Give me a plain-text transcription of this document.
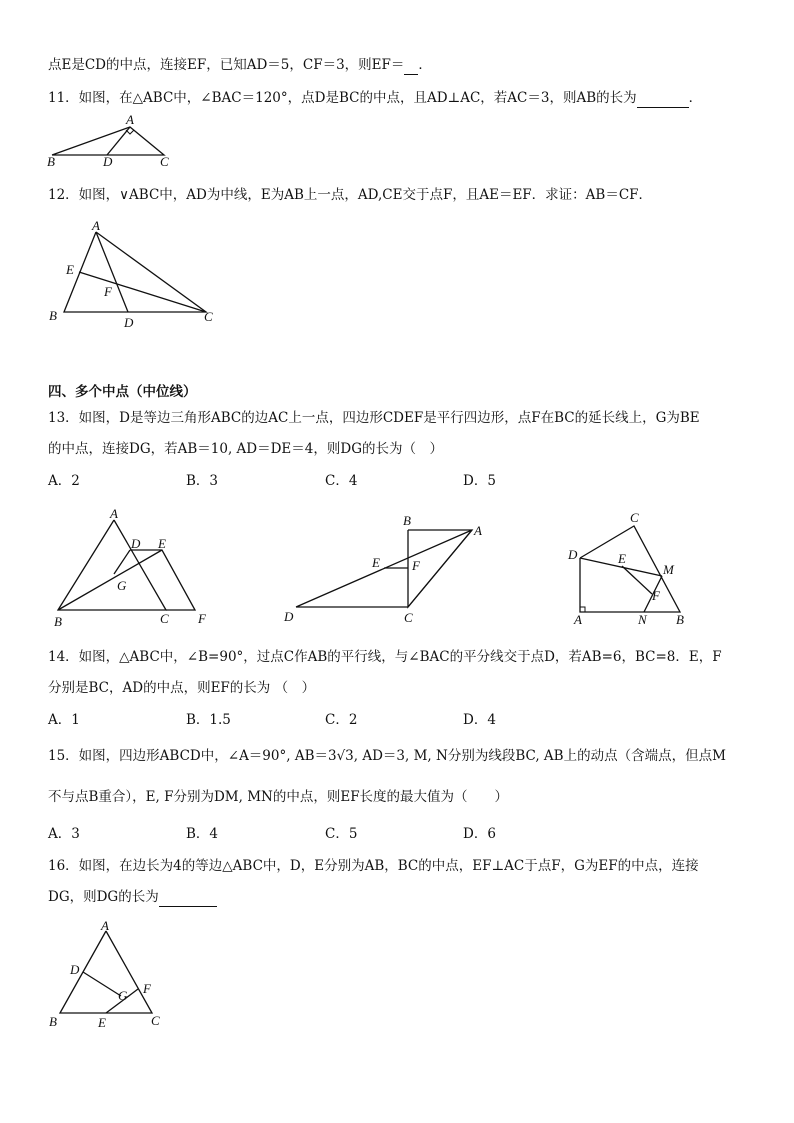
点E是CD的中点，连接EF，已知AD＝5，CF＝3，则EF＝ ．
11．如图，在△ABC中，∠BAC＝120°，点D是BC的中点，且AD⊥AC，若AC＝3，则AB的长为	．
A
B	D	C
12．如图，∨ABC中，AD为中线，E为AB上一点，AD,CE交于点F，且AE＝EF．求证：AB＝CF．
A
E
F
B	D	C
四、多个中点（中位线）
13．如图，D是等边三角形ABC的边AC上一点，四边形CDEF是平行四边形，点F在BC的延长线上，G为BE
的中点，连接DG，若AB＝10, AD＝DE＝4，则DG的长为（　）
A．2	B．3	C．4	D．5
A
D E
G
B	C F
B
A
E F
D	C
C
D	E
M
F
A	N B
14．如图，△ABC中，∠B=90°，过点C作AB的平行线，与∠BAC的平分线交于点D，若AB=6，BC=8．E，F
分别是BC，AD的中点，则EF的长为 （　）
A．1	B．1.5	C．2	D．4
15．如图，四边形ABCD中，∠A＝90°, AB＝3√3, AD＝3, M, N分别为线段BC, AB上的动点（含端点，但点M
不与点B重合），E, F分别为DM, MN的中点，则EF长度的最大值为（　　）
A．3	B．4	C．5	D．6
16．如图，在边长为4的等边△ABC中，D，E分别为AB，BC的中点，EF⊥AC于点F，G为EF的中点，连接
DG，则DG的长为
A
D
G F
B	E	C
